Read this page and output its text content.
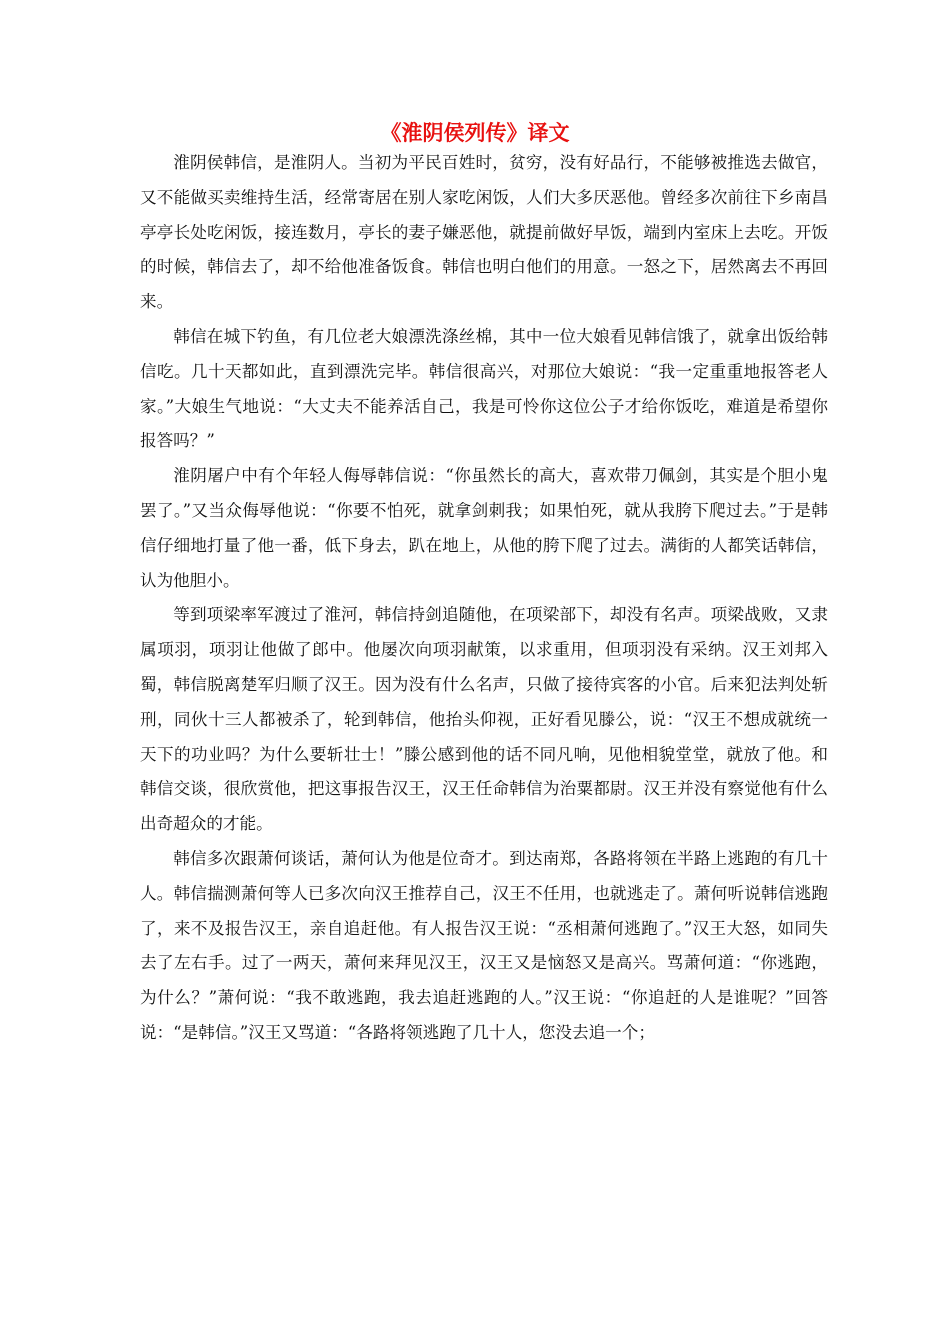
《淮阴侯列传》译文

淮阴侯韩信，是淮阴人。当初为平民百姓时，贫穷，没有好品行，不能够被推选去做官，又不能做买卖维持生活，经常寄居在别人家吃闲饭，人们大多厌恶他。曾经多次前往下乡南昌亭亭长处吃闲饭，接连数月，亭长的妻子嫌恶他，就提前做好早饭，端到内室床上去吃。开饭的时候，韩信去了，却不给他准备饭食。韩信也明白他们的用意。一怒之下，居然离去不再回来。

韩信在城下钓鱼，有几位老大娘漂洗涤丝棉，其中一位大娘看见韩信饿了，就拿出饭给韩信吃。几十天都如此，直到漂洗完毕。韩信很高兴，对那位大娘说：“我一定重重地报答老人家。”大娘生气地说：“大丈夫不能养活自己，我是可怜你这位公子才给你饭吃，难道是希望你报答吗？”

淮阴屠户中有个年轻人侮辱韩信说：“你虽然长的高大，喜欢带刀佩剑，其实是个胆小鬼罢了。”又当众侮辱他说：“你要不怕死，就拿剑刺我；如果怕死，就从我胯下爬过去。”于是韩信仔细地打量了他一番，低下身去，趴在地上，从他的胯下爬了过去。满街的人都笑话韩信，认为他胆小。

等到项梁率军渡过了淮河，韩信持剑追随他，在项梁部下，却没有名声。项梁战败，又隶属项羽，项羽让他做了郎中。他屡次向项羽献策，以求重用，但项羽没有采纳。汉王刘邦入蜀，韩信脱离楚军归顺了汉王。因为没有什么名声，只做了接待宾客的小官。后来犯法判处斩刑，同伙十三人都被杀了，轮到韩信，他抬头仰视，正好看见滕公，说：“汉王不想成就统一天下的功业吗？为什么要斩壮士！”滕公感到他的话不同凡响，见他相貌堂堂，就放了他。和韩信交谈，很欣赏他，把这事报告汉王，汉王任命韩信为治粟都尉。汉王并没有察觉他有什么出奇超众的才能。

韩信多次跟萧何谈话，萧何认为他是位奇才。到达南郑，各路将领在半路上逃跑的有几十人。韩信揣测萧何等人已多次向汉王推荐自己，汉王不任用，也就逃走了。萧何听说韩信逃跑了，来不及报告汉王，亲自追赶他。有人报告汉王说：“丞相萧何逃跑了。”汉王大怒，如同失去了左右手。过了一两天，萧何来拜见汉王，汉王又是恼怒又是高兴。骂萧何道：“你逃跑，为什么？”萧何说：“我不敢逃跑，我去追赶逃跑的人。”汉王说：“你追赶的人是谁呢？”回答说：“是韩信。”汉王又骂道：“各路将领逃跑了几十人，您没去追一个；
